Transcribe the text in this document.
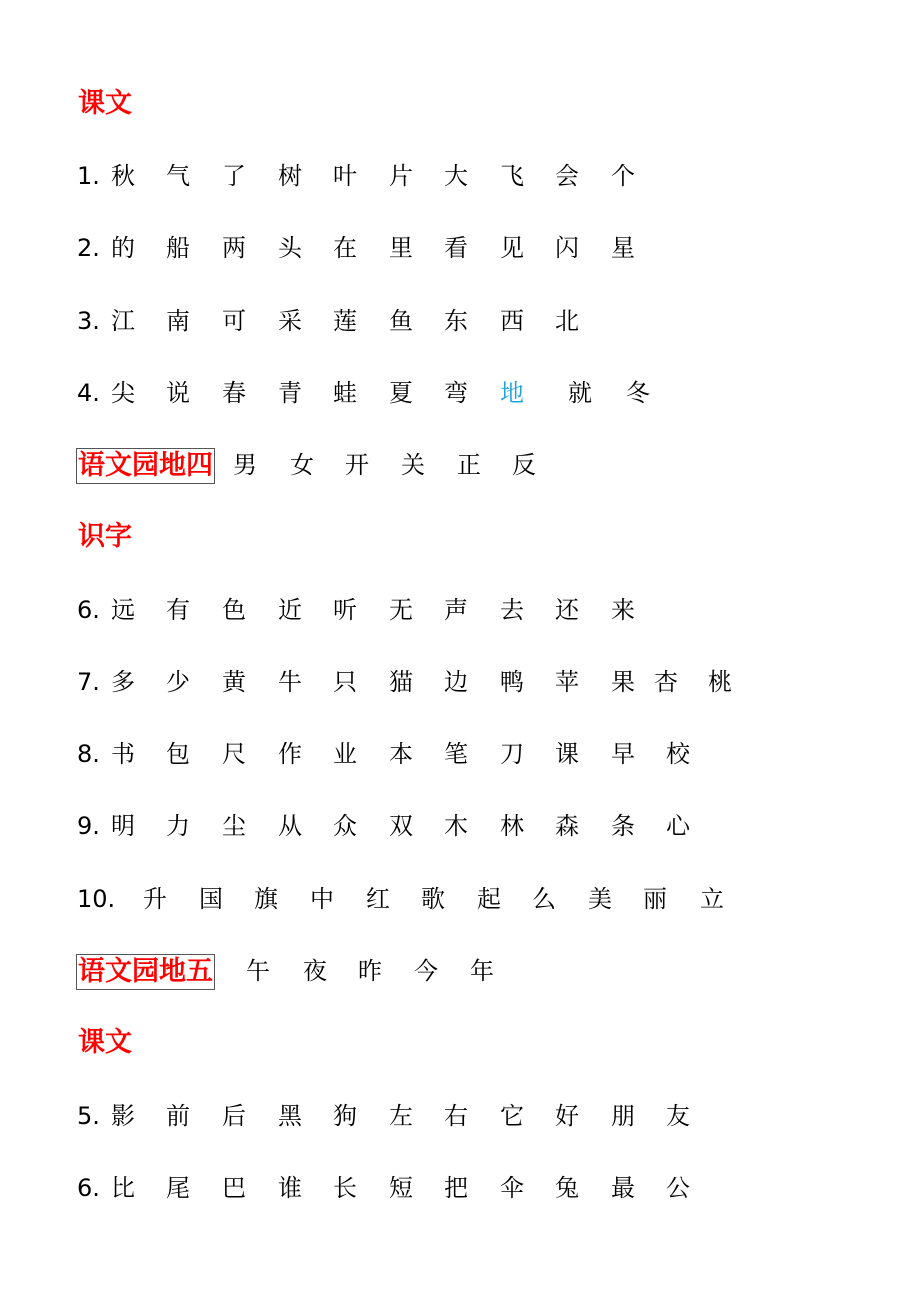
课文
1. 秋 气 了 树 叶 片 大 飞 会 个
2. 的 船 两 头 在 里 看 见 闪 星
3. 江 南 可 采 莲 鱼 东 西 北
4. 尖 说 春 青 蛙 夏 弯 地 就 冬
语文园地四 男 女 开 关 正 反
识字
6. 远 有 色 近 听 无 声 去 还 来
7. 多 少 黄 牛 只 猫 边 鸭 苹 果 杏 桃
8. 书 包 尺 作 业 本 笔 刀 课 早 校
9. 明 力 尘 从 众 双 木 林 森 条 心
10. 升 国 旗 中 红 歌 起 么 美 丽 立
语文园地五 午 夜 昨 今 年
课文
5. 影 前 后 黑 狗 左 右 它 好 朋 友
6. 比 尾 巴 谁 长 短 把 伞 兔 最 公
